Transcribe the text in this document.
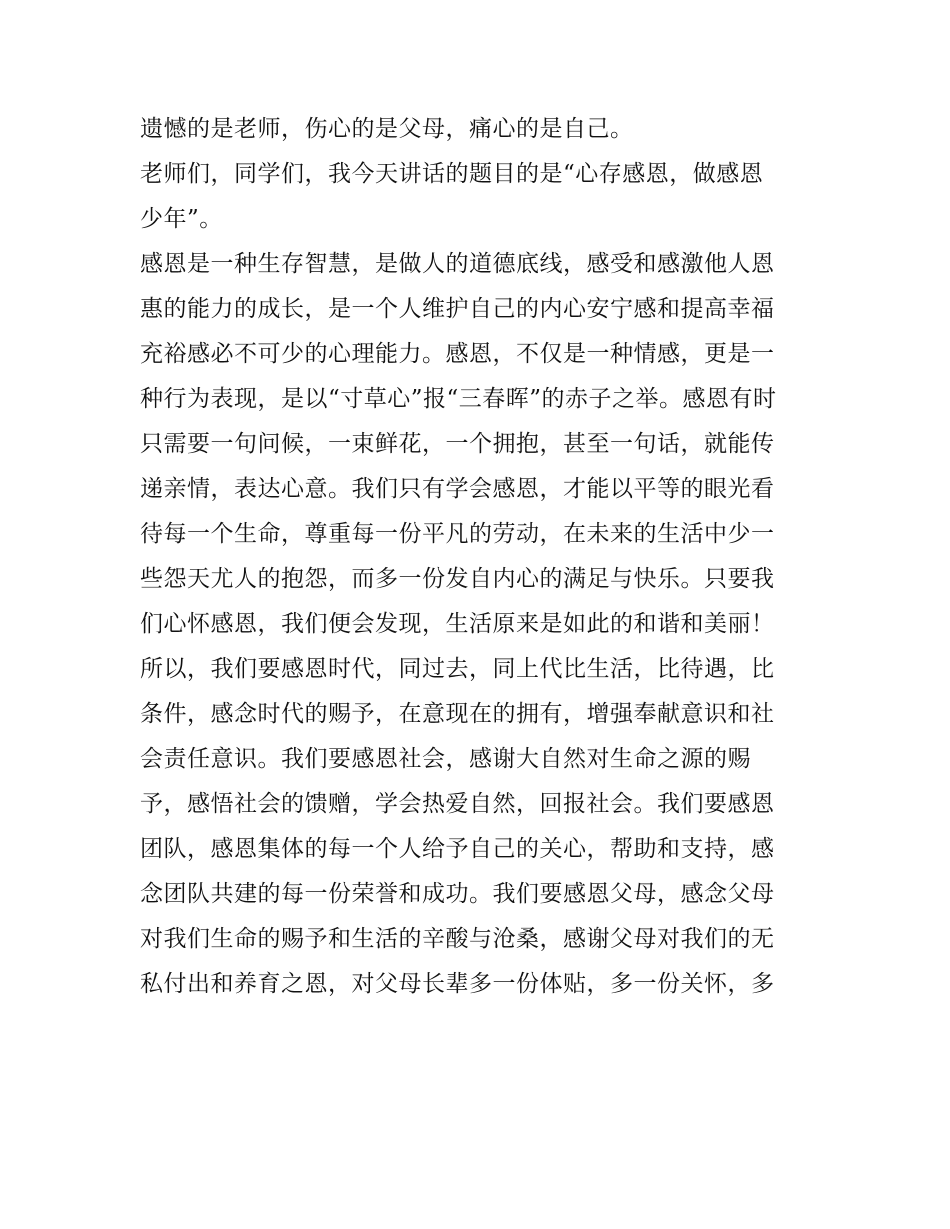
遗憾的是老师，伤心的是父母，痛心的是自己。
老师们，同学们，我今天讲话的题目的是“心存感恩，做感恩
少年”。
感恩是一种生存智慧，是做人的道德底线，感受和感激他人恩
惠的能力的成长，是一个人维护自己的内心安宁感和提高幸福
充裕感必不可少的心理能力。感恩，不仅是一种情感，更是一
种行为表现，是以“寸草心”报“三春晖”的赤子之举。感恩有时
只需要一句问候，一束鲜花，一个拥抱，甚至一句话，就能传
递亲情，表达心意。我们只有学会感恩，才能以平等的眼光看
待每一个生命，尊重每一份平凡的劳动，在未来的生活中少一
些怨天尤人的抱怨，而多一份发自内心的满足与快乐。只要我
们心怀感恩，我们便会发现，生活原来是如此的和谐和美丽！
所以，我们要感恩时代，同过去，同上代比生活，比待遇，比
条件，感念时代的赐予，在意现在的拥有，增强奉献意识和社
会责任意识。我们要感恩社会，感谢大自然对生命之源的赐
予，感悟社会的馈赠，学会热爱自然，回报社会。我们要感恩
团队，感恩集体的每一个人给予自己的关心，帮助和支持，感
念团队共建的每一份荣誉和成功。我们要感恩父母，感念父母
对我们生命的赐予和生活的辛酸与沧桑，感谢父母对我们的无
私付出和养育之恩，对父母长辈多一份体贴，多一份关怀，多
